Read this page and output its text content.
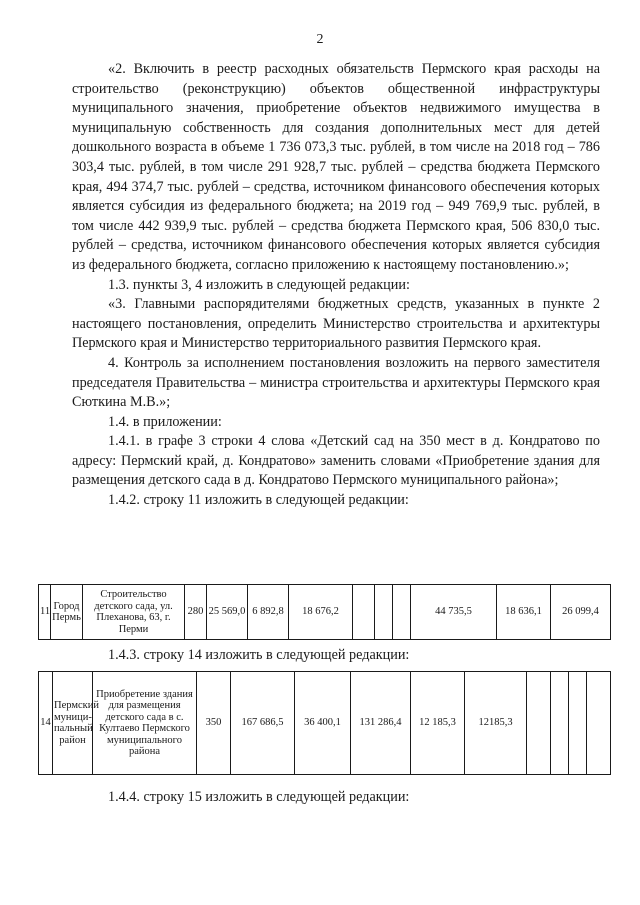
2

«2. Включить в реестр расходных обязательств Пермского края расходы на строительство (реконструкцию) объектов общественной инфраструктуры муниципального значения, приобретение объектов недвижимого имущества в муниципальную собственность для создания дополнительных мест для детей дошкольного возраста в объеме 1 736 073,3 тыс. рублей, в том числе на 2018 год – 786 303,4 тыс. рублей, в том числе 291 928,7 тыс. рублей – средства бюджета Пермского края, 494 374,7 тыс. рублей – средства, источником финансового обеспечения которых является субсидия из федерального бюджета; на 2019 год – 949 769,9 тыс. рублей, в том числе 442 939,9 тыс. рублей – средства бюджета Пермского края, 506 830,0 тыс. рублей – средства, источником финансового обеспечения которых является субсидия из федерального бюджета, согласно приложению к настоящему постановлению.»;

1.3. пункты 3, 4 изложить в следующей редакции:

«3. Главными распорядителями бюджетных средств, указанных в пункте 2 настоящего постановления, определить Министерство строительства и архитектуры Пермского края и Министерство территориального развития Пермского края.

4. Контроль за исполнением постановления возложить на первого заместителя председателя Правительства – министра строительства и архитектуры Пермского края Сюткина М.В.»;

1.4. в приложении:

1.4.1. в графе 3 строки 4 слова «Детский сад на 350 мест в д. Кондратово по адресу: Пермский край, д. Кондратово» заменить словами «Приобретение здания для размещения детского сада в д. Кондратово Пермского муниципального района»;

1.4.2. строку 11 изложить в следующей редакции:

11	Город Пермь	Строительство детского сада, ул. Плеханова, 63, г. Перми	280	25 569,0	6 892,8	18 676,2				44 735,5	18 636,1	26 099,4
1.4.3. строку 14 изложить в следующей редакции:
14	Пермский муници-пальный район	Приобретение здания для размещения детского сада в с. Култаево Пермского муниципального района	350	167 686,5	36 400,1	131 286,4	12 185,3	12185,3				
1.4.4. строку 15 изложить в следующей редакции:
